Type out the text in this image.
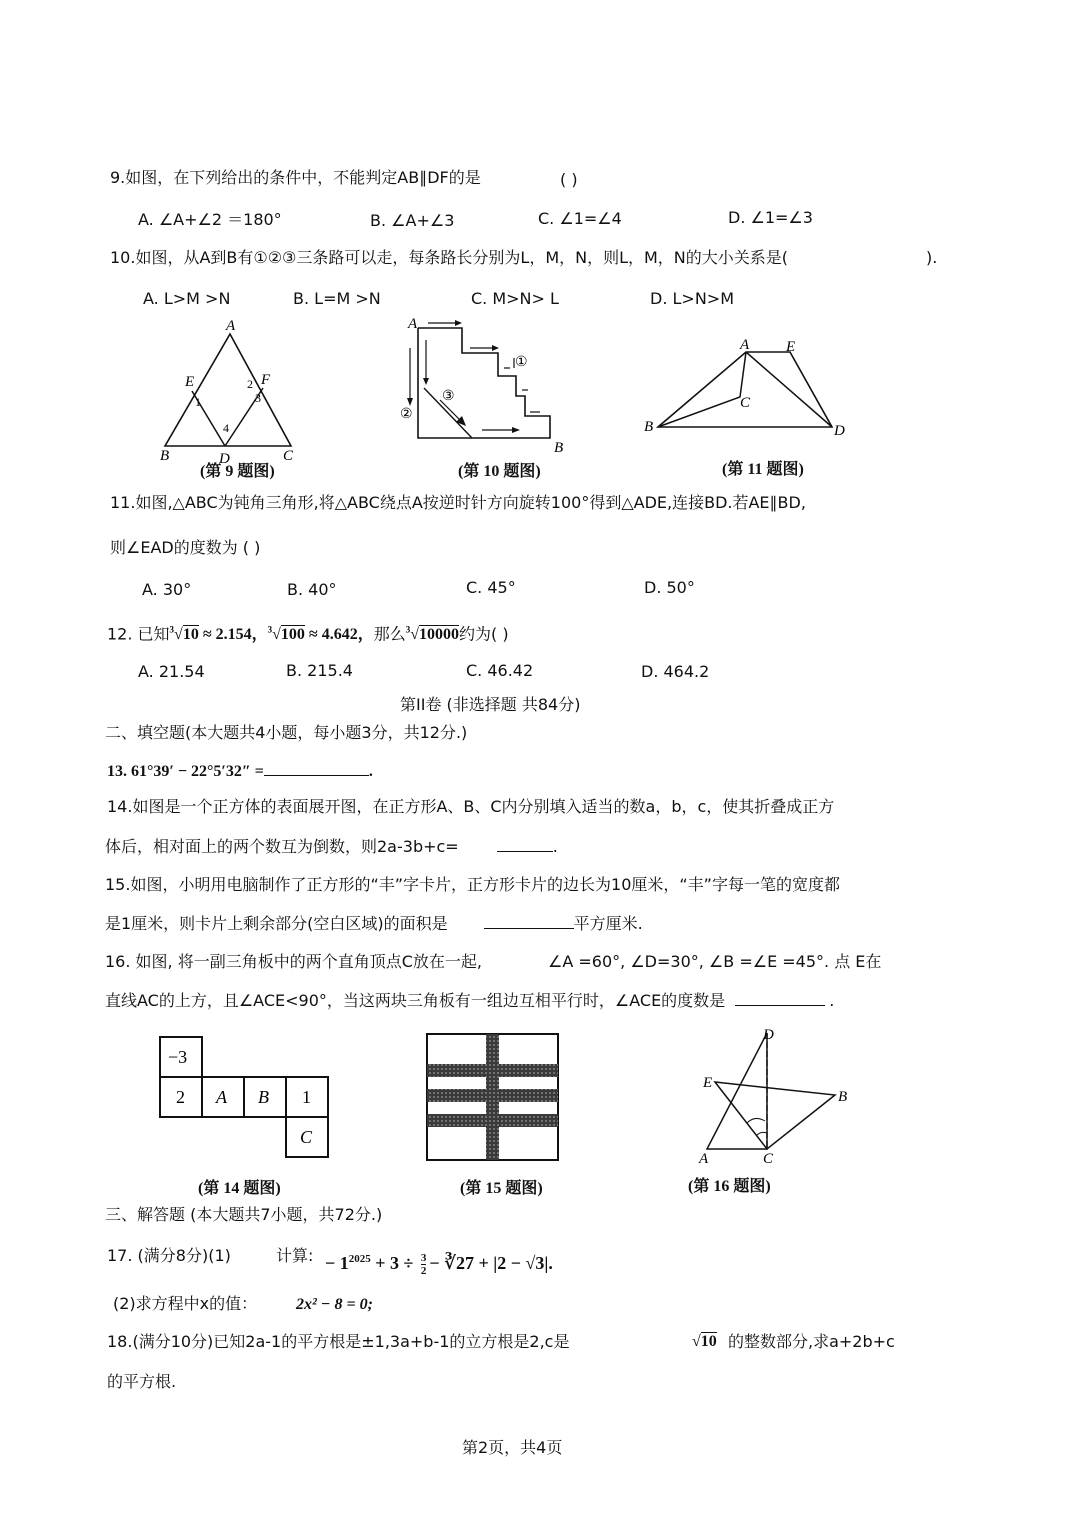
9.如图，在下列给出的条件中，不能判定AB∥DF的是	( )
A. ∠A+∠2 ＝180°	B. ∠A+∠3	C. ∠1=∠4	D. ∠1=∠3
10.如图，从A到B有①②③三条路可以走，每条路长分别为L，M，N，则L，M，N的大小关系是(	).
A. L>M >N	B. L=M >N	C. M>N> L	D. L>N>M
A
E	F
B	D	C
1
2
3
4
(第 9 题图)
A
B
①
②
③
(第 10 题图)
A E
B
C
D
(第 11 题图)
11.如图,△ABC为钝角三角形,将△ABC绕点A按逆时针方向旋转100°得到△ADE,连接BD.若AE∥BD,
则∠EAD的度数为 ( )
A. 30°	B. 40°	C. 45°	D. 50°
12. 已知$^3$√10 ≈ 2.154，$^3$√100 ≈ 4.642，那么$^3$√10000约为( )
A. 21.54	B. 215.4	C. 46.42	D. 464.2
第II卷 (非选择题 共84分)
二、填空题(本大题共4小题，每小题3分，共12分.)
13. 61°39′ − 22°5′32″ =	.
14.如图是一个正方体的表面展开图，在正方形A、B、C内分别填入适当的数a，b，c，使其折叠成正方
体后，相对面上的两个数互为倒数，则2a-3b+c=	.
15.如图，小明用电脑制作了正方形的“丰”字卡片，正方形卡片的边长为10厘米，“丰”字每一笔的宽度都
是1厘米，则卡片上剩余部分(空白区域)的面积是	平方厘米.
16. 如图, 将一副三角板中的两个直角顶点C放在一起,	∠A =60°, ∠D=30°, ∠B =∠E =45°. 点 E在
直线AC的上方，且∠ACE<90°，当这两块三角板有一组边互相平行时，∠ACE的度数是	.
−3
2 A B 1
C
(第 14 题图)	(第 15 题图)
D
E
B
A	C
(第 16 题图)
三、解答题 (本大题共7小题，共72分.)
17. (满分8分)(1)	计算: − $1^{2025} + 3 \div \frac{3}{2}$ − ∛27 + |2 − √3|.
(2)求方程中x的值： 2x² − 8 = 0;
18.(满分10分)已知2a-1的平方根是±1,3a+b-1的立方根是2,c是	√10 的整数部分,求a+2b+c
的平方根.
第2页，共4页
